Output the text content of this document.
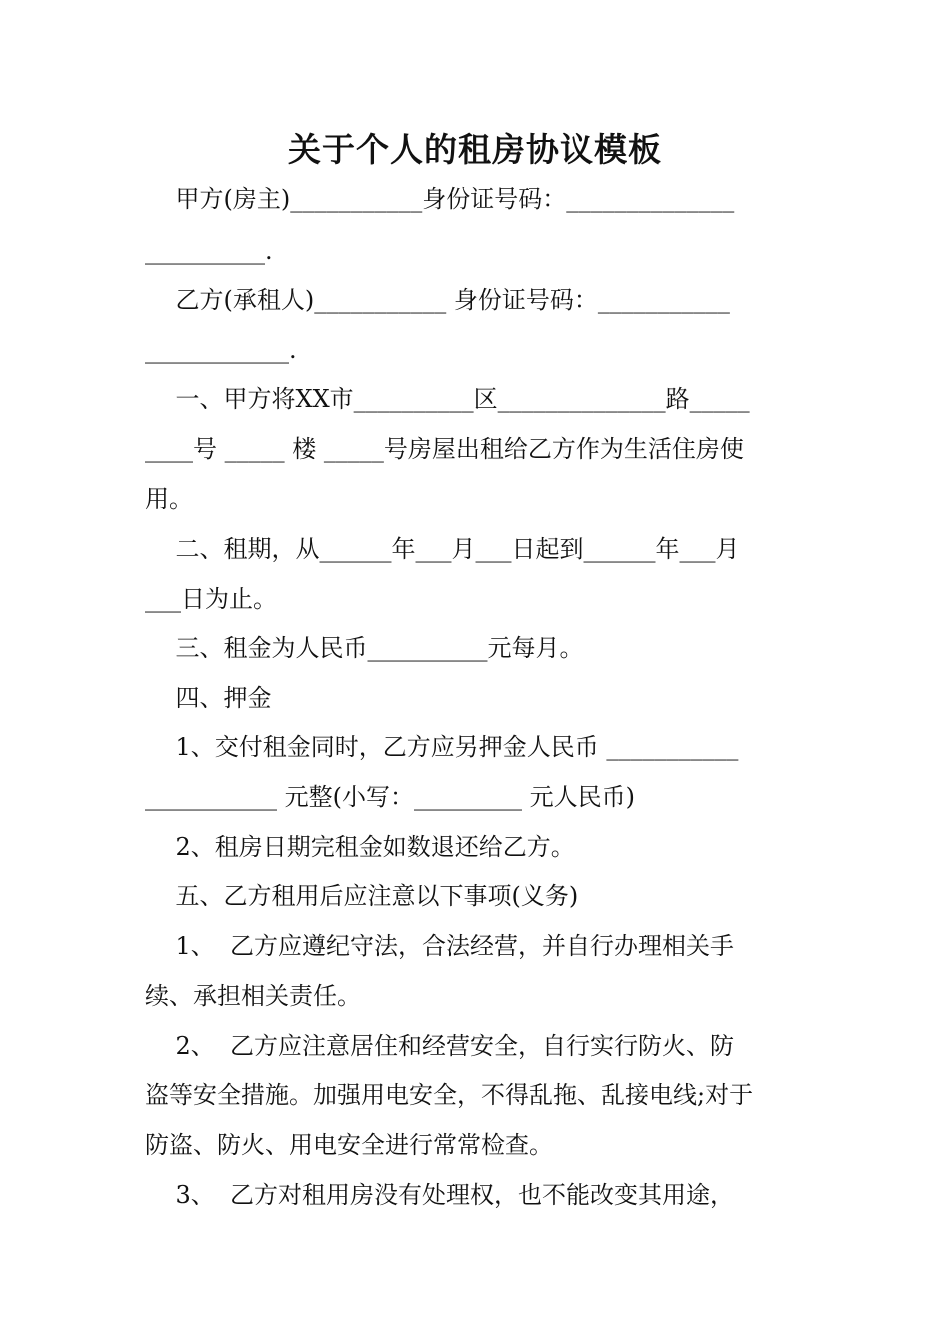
关于个人的租房协议模板
甲方(房主)___________身份证号码：______________
__________.
乙方(承租人)___________ 身份证号码：___________
____________.
一、甲方将XX市__________区______________路_____
____号 _____ 楼 _____号房屋出租给乙方作为生活住房使
用。
二、租期，从______年___月___日起到______年___月
___日为止。
三、租金为人民币__________元每月。
四、押金
1、交付租金同时，乙方应另押金人民币 ___________
___________ 元整(小写：_________ 元人民币)
2、租房日期完租金如数退还给乙方。
五、乙方租用后应注意以下事项(义务)
1、  乙方应遵纪守法，合法经营，并自行办理相关手
续、承担相关责任。
2、  乙方应注意居住和经营安全，自行实行防火、防
盗等安全措施。加强用电安全，不得乱拖、乱接电线;对于
防盗、防火、用电安全进行常常检查。
3、  乙方对租用房没有处理权，也不能改变其用途，
